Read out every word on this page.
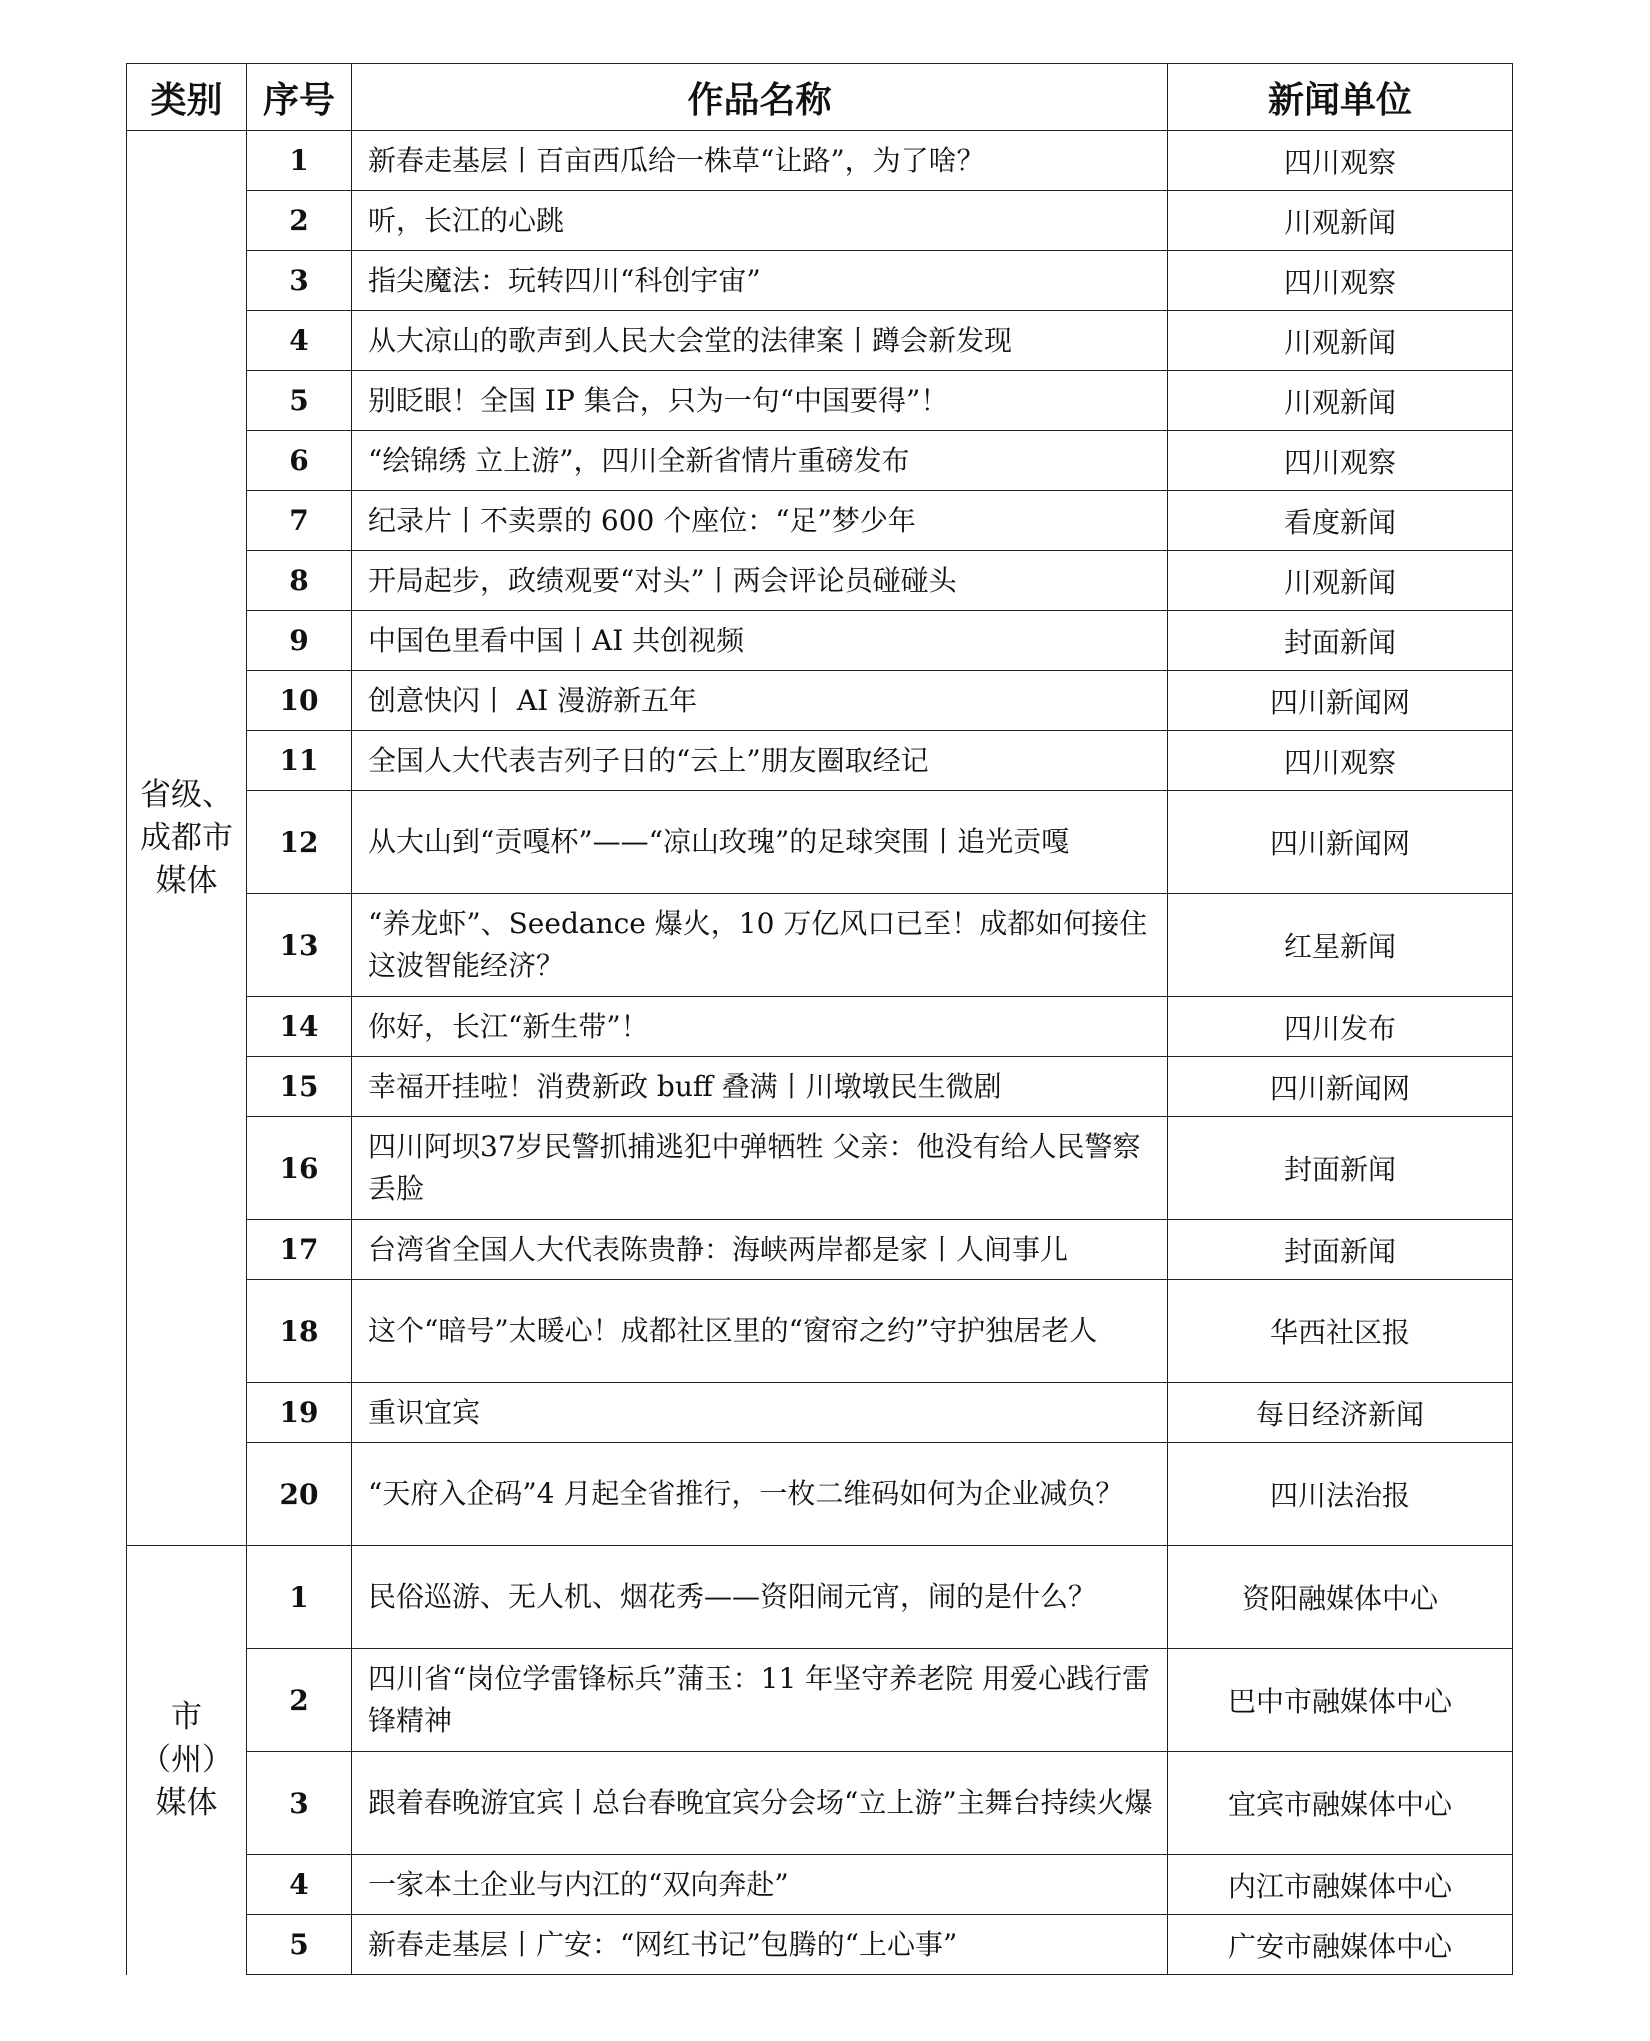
类别	序号	作品名称	新闻单位
省级、成都市媒体	1	新春走基层丨百亩西瓜给一株草“让路”，为了啥？	四川观察
	2	听，长江的心跳	川观新闻
	3	指尖魔法：玩转四川“科创宇宙”	四川观察
	4	从大凉山的歌声到人民大会堂的法律案丨蹲会新发现	川观新闻
	5	别眨眼！全国 IP 集合，只为一句“中国要得”！	川观新闻
	6	“绘锦绣 立上游”，四川全新省情片重磅发布	四川观察
	7	纪录片丨不卖票的 600 个座位：“足”梦少年	看度新闻
	8	开局起步，政绩观要“对头”丨两会评论员碰碰头	川观新闻
	9	中国色里看中国丨AI 共创视频	封面新闻
	10	创意快闪丨 AI 漫游新五年	四川新闻网
	11	全国人大代表吉列子日的“云上”朋友圈取经记	四川观察
	12	从大山到“贡嘎杯”——“凉山玫瑰”的足球突围丨追光贡嘎	四川新闻网
	13	“养龙虾”、Seedance 爆火，10 万亿风口已至！成都如何接住这波智能经济？	红星新闻
	14	你好，长江“新生带”！	四川发布
	15	幸福开挂啦！消费新政 buff 叠满丨川墩墩民生微剧	四川新闻网
	16	四川阿坝37岁民警抓捕逃犯中弹牺牲 父亲：他没有给人民警察丢脸	封面新闻
	17	台湾省全国人大代表陈贵静：海峡两岸都是家丨人间事儿	封面新闻
	18	这个“暗号”太暖心！成都社区里的“窗帘之约”守护独居老人	华西社区报
	19	重识宜宾	每日经济新闻
	20	“天府入企码”4 月起全省推行，一枚二维码如何为企业减负？	四川法治报
市（州）媒体	1	民俗巡游、无人机、烟花秀——资阳闹元宵，闹的是什么？	资阳融媒体中心
	2	四川省“岗位学雷锋标兵”蒲玉：11 年坚守养老院 用爱心践行雷锋精神	巴中市融媒体中心
	3	跟着春晚游宜宾丨总台春晚宜宾分会场“立上游”主舞台持续火爆	宜宾市融媒体中心
	4	一家本土企业与内江的“双向奔赴”	内江市融媒体中心
	5	新春走基层丨广安：“网红书记”包腾的“上心事”	广安市融媒体中心
